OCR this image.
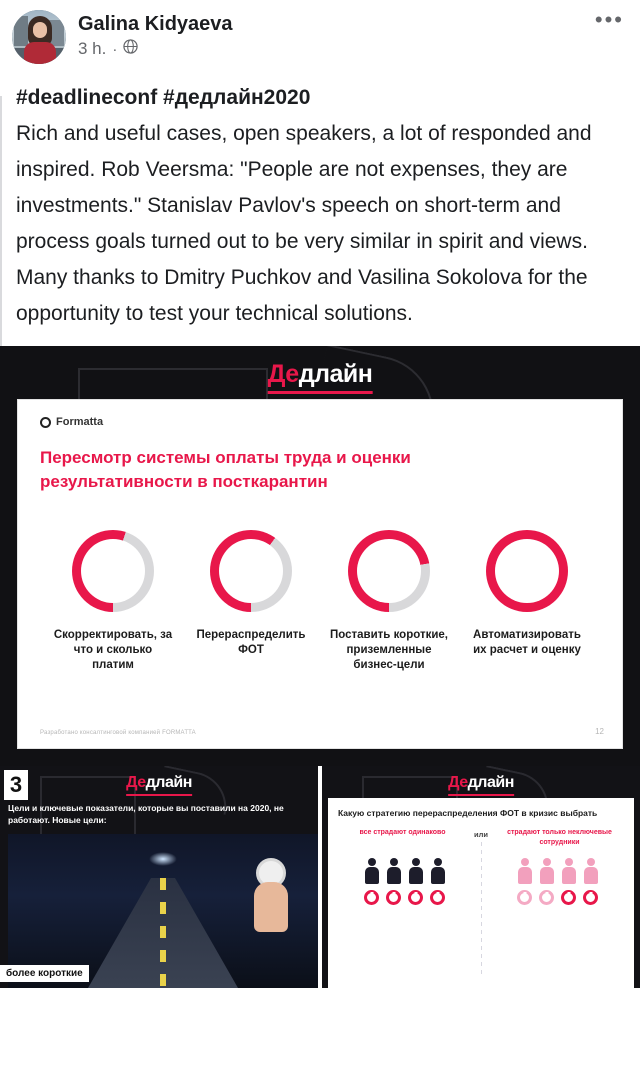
Galina Kidyaeva
3 h. ·
•••
#deadlineconf #дедлайн2020
Rich and useful cases, open speakers, a lot of responded and inspired. Rob Veersma: "People are not expenses, they are investments." Stanislav Pavlov's speech on short-term and process goals turned out to be very similar in spirit and views. Many thanks to Dmitry Puchkov and Vasilina Sokolova for the opportunity to test your technical solutions.
Дедлайн
Formatta
Пересмотр системы оплаты труда и оценки результативности в посткарантин
Скорректировать, за что и сколько платим
Перераспределить ФОТ
Поставить короткие, приземленные бизнес-цели
Автоматизировать их расчет и оценку
Разработано консалтинговой компанией FORMATTA	12
Дедлайн
Цели и ключевые показатели, которые вы поставили на 2020, не работают. Новые цели:
3
более короткие
Дедлайн
Какую стратегию перераспределения ФОТ в кризис выбрать
все страдают одинаково	или	страдают только неключевые сотрудники
